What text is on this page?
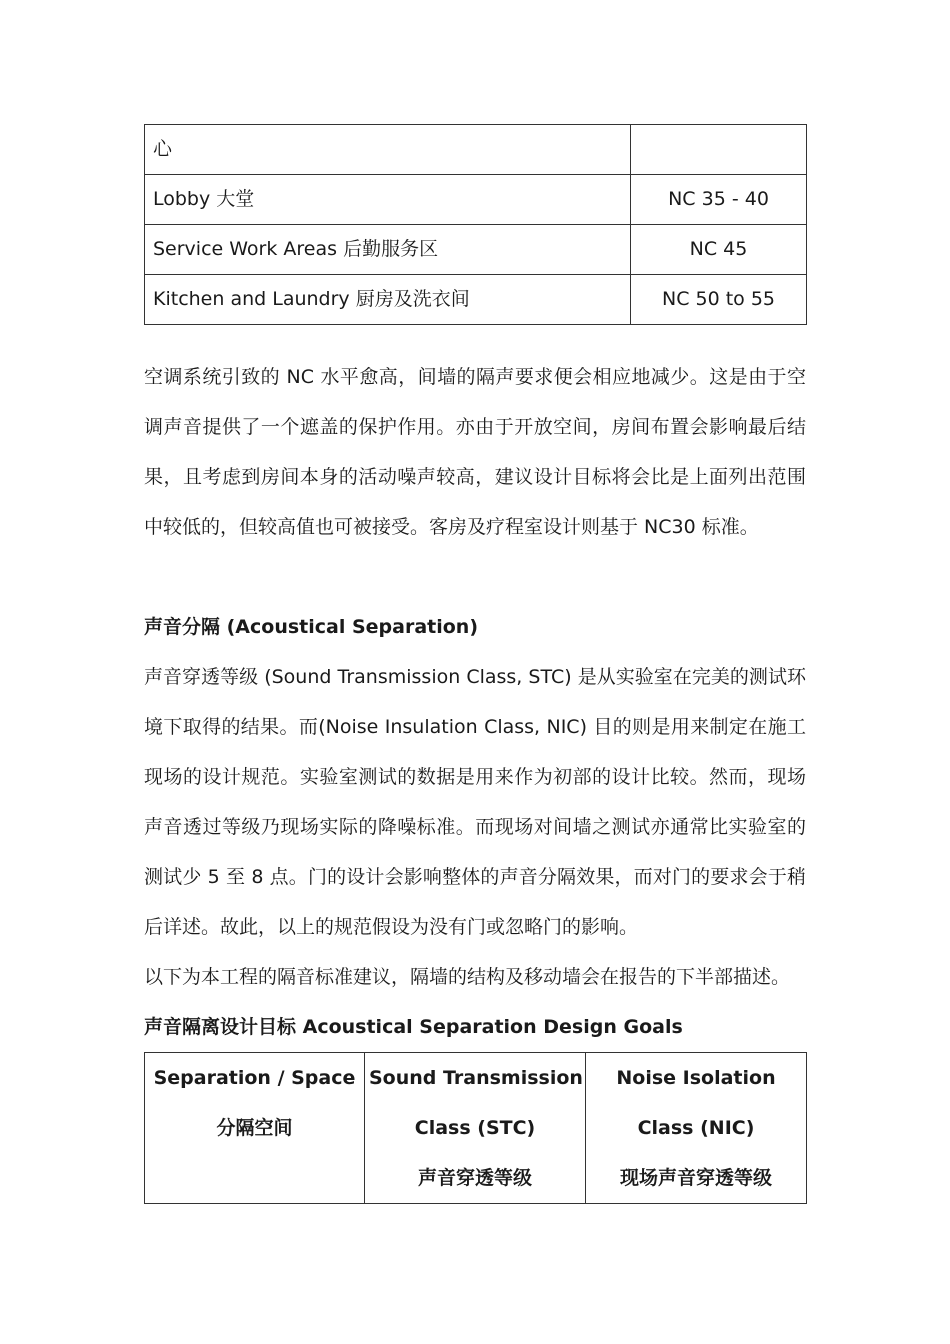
心	
Lobby 大堂	NC 35 - 40
Service Work Areas 后勤服务区	NC 45
Kitchen and Laundry 厨房及洗衣间	NC 50 to 55

空调系统引致的 NC 水平愈高，间墙的隔声要求便会相应地减少。这是由于空调声音提供了一个遮盖的保护作用。亦由于开放空间，房间布置会影响最后结果，且考虑到房间本身的活动噪声较高，建议设计目标将会比是上面列出范围中较低的，但较高值也可被接受。客房及疗程室设计则基于 NC30 标准。

声音分隔 (Acoustical Separation)

声音穿透等级 (Sound Transmission Class, STC) 是从实验室在完美的测试环境下取得的结果。而(Noise Insulation Class, NIC) 目的则是用来制定在施工现场的设计规范。实验室测试的数据是用来作为初部的设计比较。然而，现场声音透过等级乃现场实际的降噪标准。而现场对间墙之测试亦通常比实验室的测试少 5 至 8 点。门的设计会影响整体的声音分隔效果，而对门的要求会于稍后详述。故此，以上的规范假设为没有门或忽略门的影响。

以下为本工程的隔音标准建议，隔墙的结构及移动墙会在报告的下半部描述。

声音隔离设计目标 Acoustical Separation Design Goals

Separation / Space
分隔空间

Sound Transmission
Class (STC)
声音穿透等级

Noise Isolation
Class (NIC)
现场声音穿透等级
